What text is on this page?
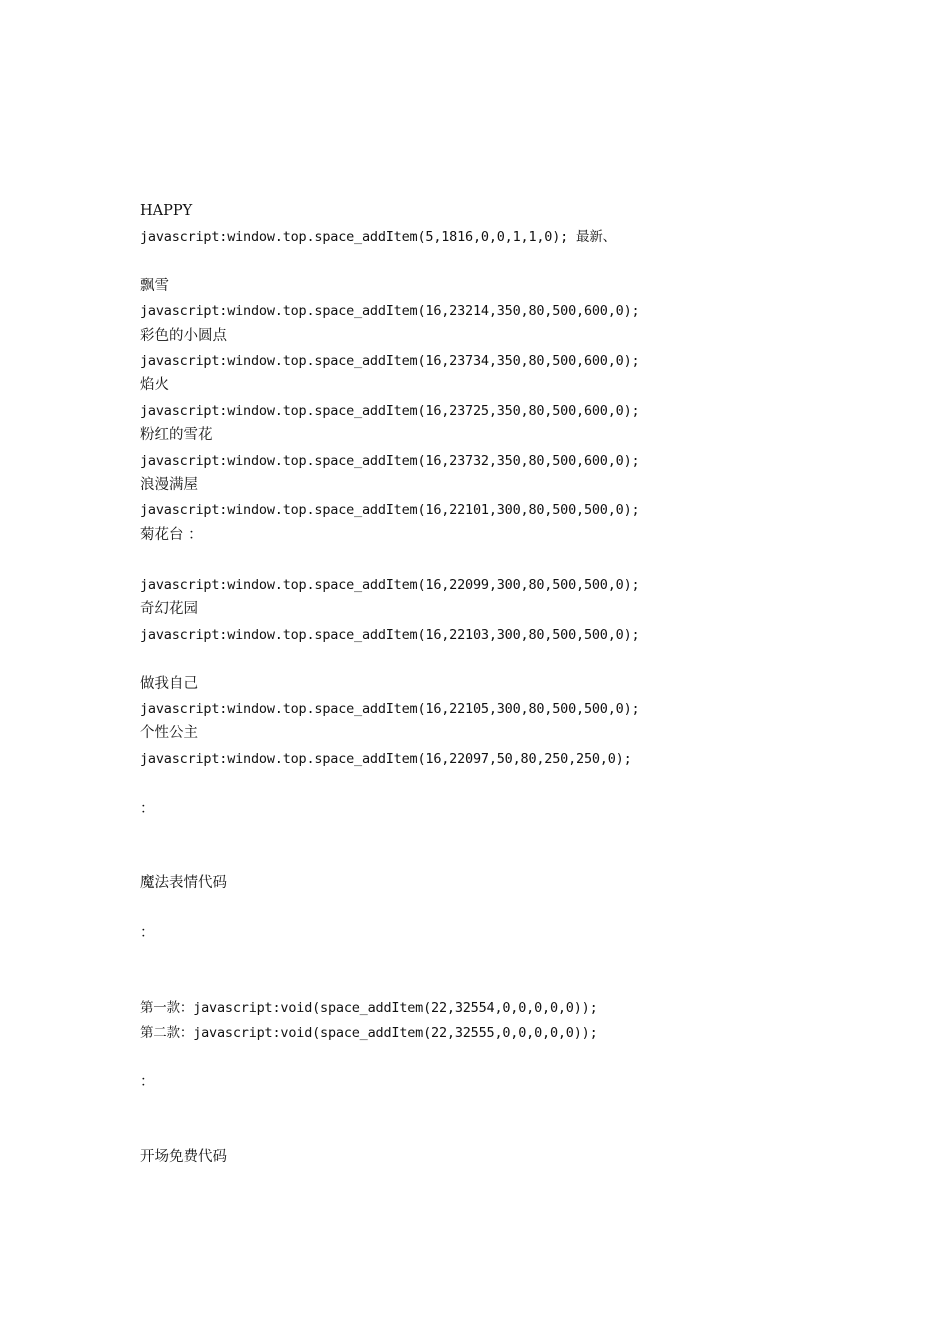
HAPPY
javascript:window.top.space_addItem(5,1816,0,0,1,1,0); 最新、
飘雪
javascript:window.top.space_addItem(16,23214,350,80,500,600,0);
彩色的小圆点
javascript:window.top.space_addItem(16,23734,350,80,500,600,0);
焰火
javascript:window.top.space_addItem(16,23725,350,80,500,600,0);
粉红的雪花
javascript:window.top.space_addItem(16,23732,350,80,500,600,0);
浪漫满屋
javascript:window.top.space_addItem(16,22101,300,80,500,500,0);
菊花台 ：
javascript:window.top.space_addItem(16,22099,300,80,500,500,0);
奇幻花园
javascript:window.top.space_addItem(16,22103,300,80,500,500,0);
做我自己
javascript:window.top.space_addItem(16,22105,300,80,500,500,0);
个性公主
javascript:window.top.space_addItem(16,22097,50,80,250,250,0);
：
魔法表情代码
：
第一款：javascript:void(space_addItem(22,32554,0,0,0,0,0));
第二款：javascript:void(space_addItem(22,32555,0,0,0,0,0));
：
开场免费代码
